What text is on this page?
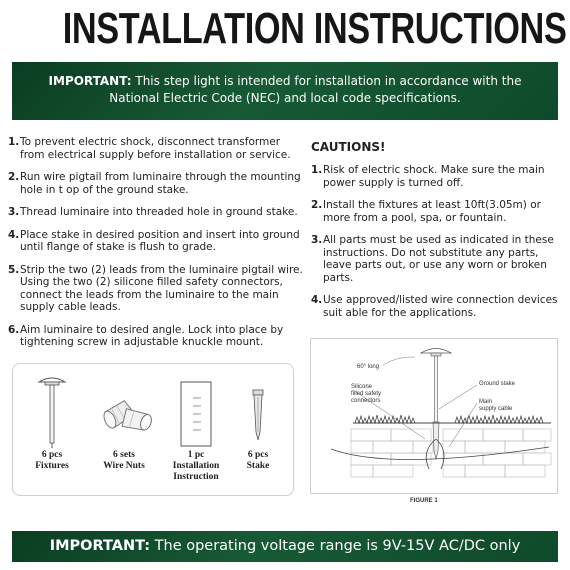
INSTALLATION INSTRUCTIONS
IMPORTANT: This step light is intended for installation in accordance with the
National Electric Code (NEC) and local code specifications.
1. To prevent electric shock, disconnect transformer from electrical supply before installation or service.
2. Run wire pigtail from luminaire through the mounting hole in t op of the ground stake.
3. Thread luminaire into threaded hole in ground stake.
4. Place stake in desired position and insert into ground until flange of stake is flush to grade.
5. Strip the two (2) leads from the luminaire pigtail wire. Using the two (2) silicone filled safety connectors, connect the leads from the luminaire to the main supply cable leads.
6. Aim luminaire to desired angle. Lock into place by tightening screw in adjustable knuckle mount.
CAUTIONS!
1. Risk of electric shock. Make sure the main power supply is turned off.
2. Install the fixtures at least 10ft(3.05m) or more from a pool, spa, or fountain.
3. All parts must be used as indicated in these instructions. Do not substitute any parts, leave parts out, or use any worn or broken parts.
4. Use approved/listed wire connection devices suit able for the applications.
6 pcs
Fixtures
6 sets
Wire Nuts
1 pc
Installation
Instruction
6 pcs
Stake
60° long
Silicone
filled safety
connectors
Ground stake
Main
supply cable
FIGURE 1
IMPORTANT: The operating voltage range is 9V-15V AC/DC only
